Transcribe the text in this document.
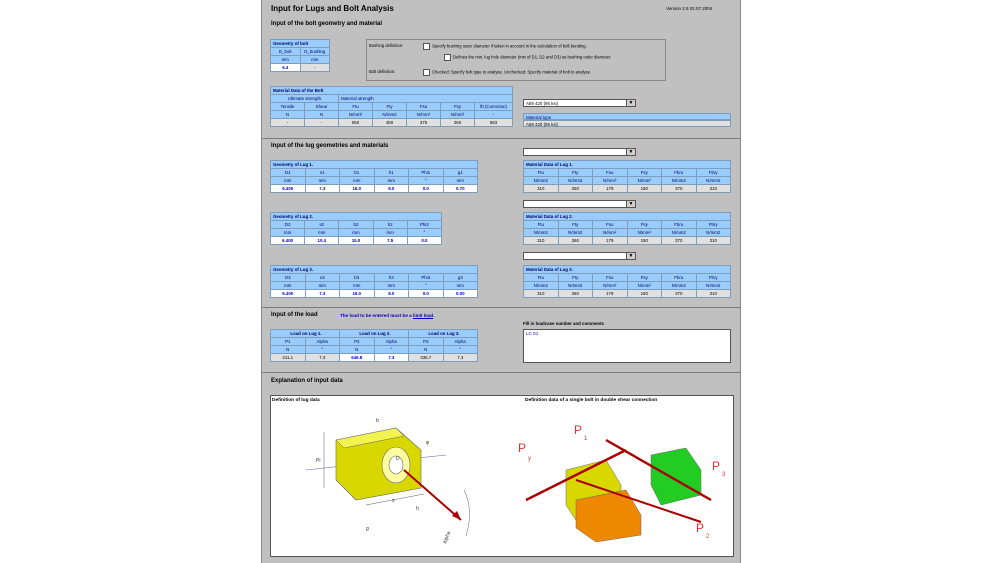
Input for Lugs and Bolt Analysis	Version 2.5 02.07.2004
Input of the bolt geometry and material
Geometry of bolt	
D_bolt	D_bushing
mm	mm
6.4	-
Bushing definition:	Specify bushing outer diameter if taken in account in the calculation of bolt bending.
Defines the min. lug hole diameter (min of D1, D2 and D3) as bushing outer diameter.
Bolt definition:	Checked: Specify bolt type to analyse. Unchecked: Specify material of bolt to analyse.
Material Data of the Bolt						
Ultimate strength		Material strength				
Tensile	Shear	Ftu	Fty	Fsu	Fsy	ftt (Corrosion)
N	N	N/mm²	N/mm2	N/mm²	N/mm²	-
-	-	650	450	375	260	583
A59 420 (95 ksi)	▼
Material type
A59 420 (95 ksi)
Input of the lug geometries and materials
Geometry of Lug 1.					
D1	s1	b1	h1	Phi1	g1
mm	mm	mm	mm	°	mm
6.400	7.3	16.0	8.0	0.0	0.70
Geometry of Lug 2.				
D2	s2	b2	h2	Phi2
mm	mm	mm	mm	°
6.400	10.4	15.0	7.5	0.0
Geometry of Lug 3.					
D3	s3	b3	h3	Phi3	g3
mm	mm	mm	mm	°	mm
6.400	7.3	16.0	8.0	0.0	0.00
▼
Material Data of Lug 1.					
Ftu	Fty	Fsu	Fsy	Fbru	Fbry
N/mm2	N/mm2	N/mm²	N/mm²	N/mm2	N/mm2
310	260	179	150	370	310
▼
Material Data of Lug 2.					
Ftu	Fty	Fsu	Fsy	Fbru	Fbry
N/mm2	N/mm2	N/mm²	N/mm²	N/mm2	N/mm2
310	260	179	150	370	310
▼
Material Data of Lug 3.					
Ftu	Fty	Fsu	Fsy	Fbru	Fbry
N/mm2	N/mm2	N/mm²	N/mm²	N/mm2	N/mm2
310	260	179	150	370	310
Input of the load	The load to be entered must be a limit load.
Load on Lug 1.		Load on Lug 2.		Load on Lug 3.	
P1	Alpha	P2	Alpha	P3	Alpha
N	°	N	°	N	°
311.1	7.3	646.8	7.3	335.7	7.3
Fill in loadcase number and comments
LC 01
Explanation of input data
Definition of lug data	Definition data of a single bolt in double shear connection
b
D
h
s
Pi
φ
g
Alpha
P
y
P
1
P
2
P
3
